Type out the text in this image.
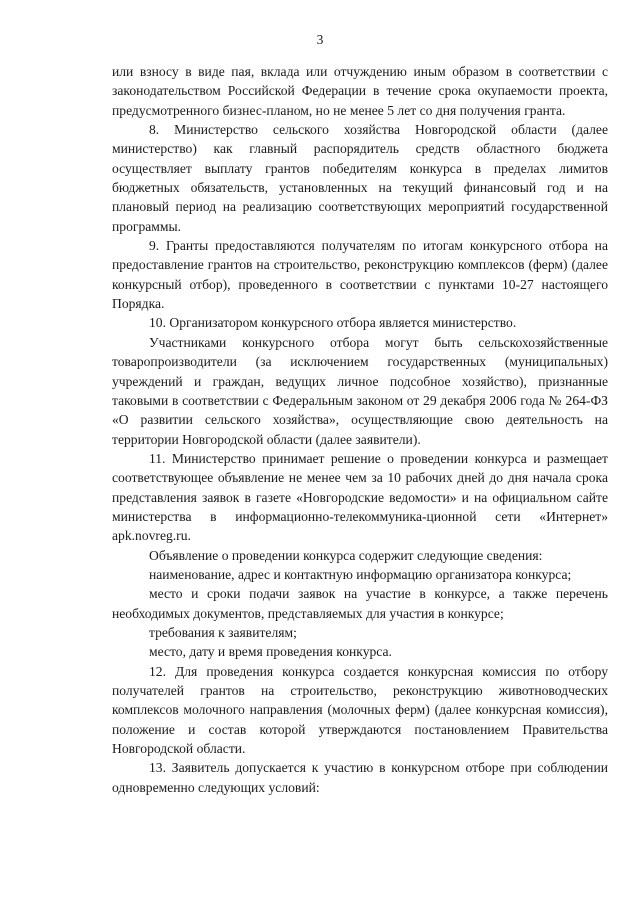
3

или взносу в виде пая, вклада или отчуждению иным образом в соответствии с законодательством Российской Федерации в течение срока окупаемости проекта, предусмотренного бизнес-планом, но не менее 5 лет со дня получения гранта.

8. Министерство сельского хозяйства Новгородской области (далее министерство) как главный распорядитель средств областного бюджета осуществляет выплату грантов победителям конкурса в пределах лимитов бюджетных обязательств, установленных на текущий финансовый год и на плановый период на реализацию соответствующих мероприятий государственной программы.

9. Гранты предоставляются получателям по итогам конкурсного отбора на предоставление грантов на строительство, реконструкцию комплексов (ферм) (далее конкурсный отбор), проведенного в соответствии с пунктами 10-27 настоящего Порядка.

10. Организатором конкурсного отбора является министерство.

Участниками конкурсного отбора могут быть сельскохозяйственные товаропроизводители (за исключением государственных (муниципальных) учреждений и граждан, ведущих личное подсобное хозяйство), признанные таковыми в соответствии с Федеральным законом от 29 декабря 2006 года № 264-ФЗ «О развитии сельского хозяйства», осуществляющие свою деятельность на территории Новгородской области (далее заявители).

11. Министерство принимает решение о проведении конкурса и размещает соответствующее объявление не менее чем за 10 рабочих дней до дня начала срока представления заявок в газете «Новгородские ведомости» и на официальном сайте министерства в информационно-телекоммуника-ционной сети «Интернет» apk.novreg.ru.

Объявление о проведении конкурса содержит следующие сведения:

наименование, адрес и контактную информацию организатора конкурса;

место и сроки подачи заявок на участие в конкурсе, а также перечень необходимых документов, представляемых для участия в конкурсе;

требования к заявителям;

место, дату и время проведения конкурса.

12. Для проведения конкурса создается конкурсная комиссия по отбору получателей грантов на строительство, реконструкцию животноводческих комплексов молочного направления (молочных ферм) (далее конкурсная комиссия), положение и состав которой утверждаются постановлением Правительства Новгородской области.

13. Заявитель допускается к участию в конкурсном отборе при соблюдении одновременно следующих условий:
